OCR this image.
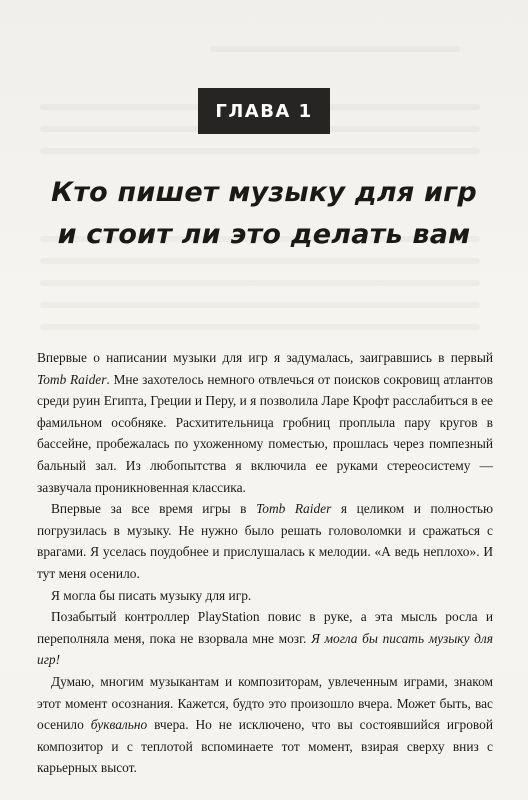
ГЛАВА 1
Кто пишет музыку для игр
и стоит ли это делать вам

Впервые о написании музыки для игр я задумалась, заигравшись в первый Tomb Raider. Мне захотелось немного отвлечься от поисков сокровищ атлантов среди руин Египта, Греции и Перу, и я позволила Ларе Крофт расслабиться в ее фамильном особняке. Расхитительница гробниц проплыла пару кругов в бассейне, пробежалась по ухоженному поместью, прошлась через помпезный бальный зал. Из любопытства я включила ее руками стереосистему — зазвучала проникновенная классика.

Впервые за все время игры в Tomb Raider я целиком и полностью погрузилась в музыку. Не нужно было решать головоломки и сражаться с врагами. Я уселась поудобнее и прислушалась к мелодии. «А ведь неплохо». И тут меня осенило.

Я могла бы писать музыку для игр.

Позабытый контроллер PlayStation повис в руке, а эта мысль росла и переполняла меня, пока не взорвала мне мозг. Я могла бы писать музыку для игр!

Думаю, многим музыкантам и композиторам, увлеченным играми, знаком этот момент осознания. Кажется, будто это произошло вчера. Может быть, вас осенило буквально вчера. Но не исключено, что вы состоявшийся игровой композитор и с теплотой вспоминаете тот момент, взирая сверху вниз с карьерных высот.
